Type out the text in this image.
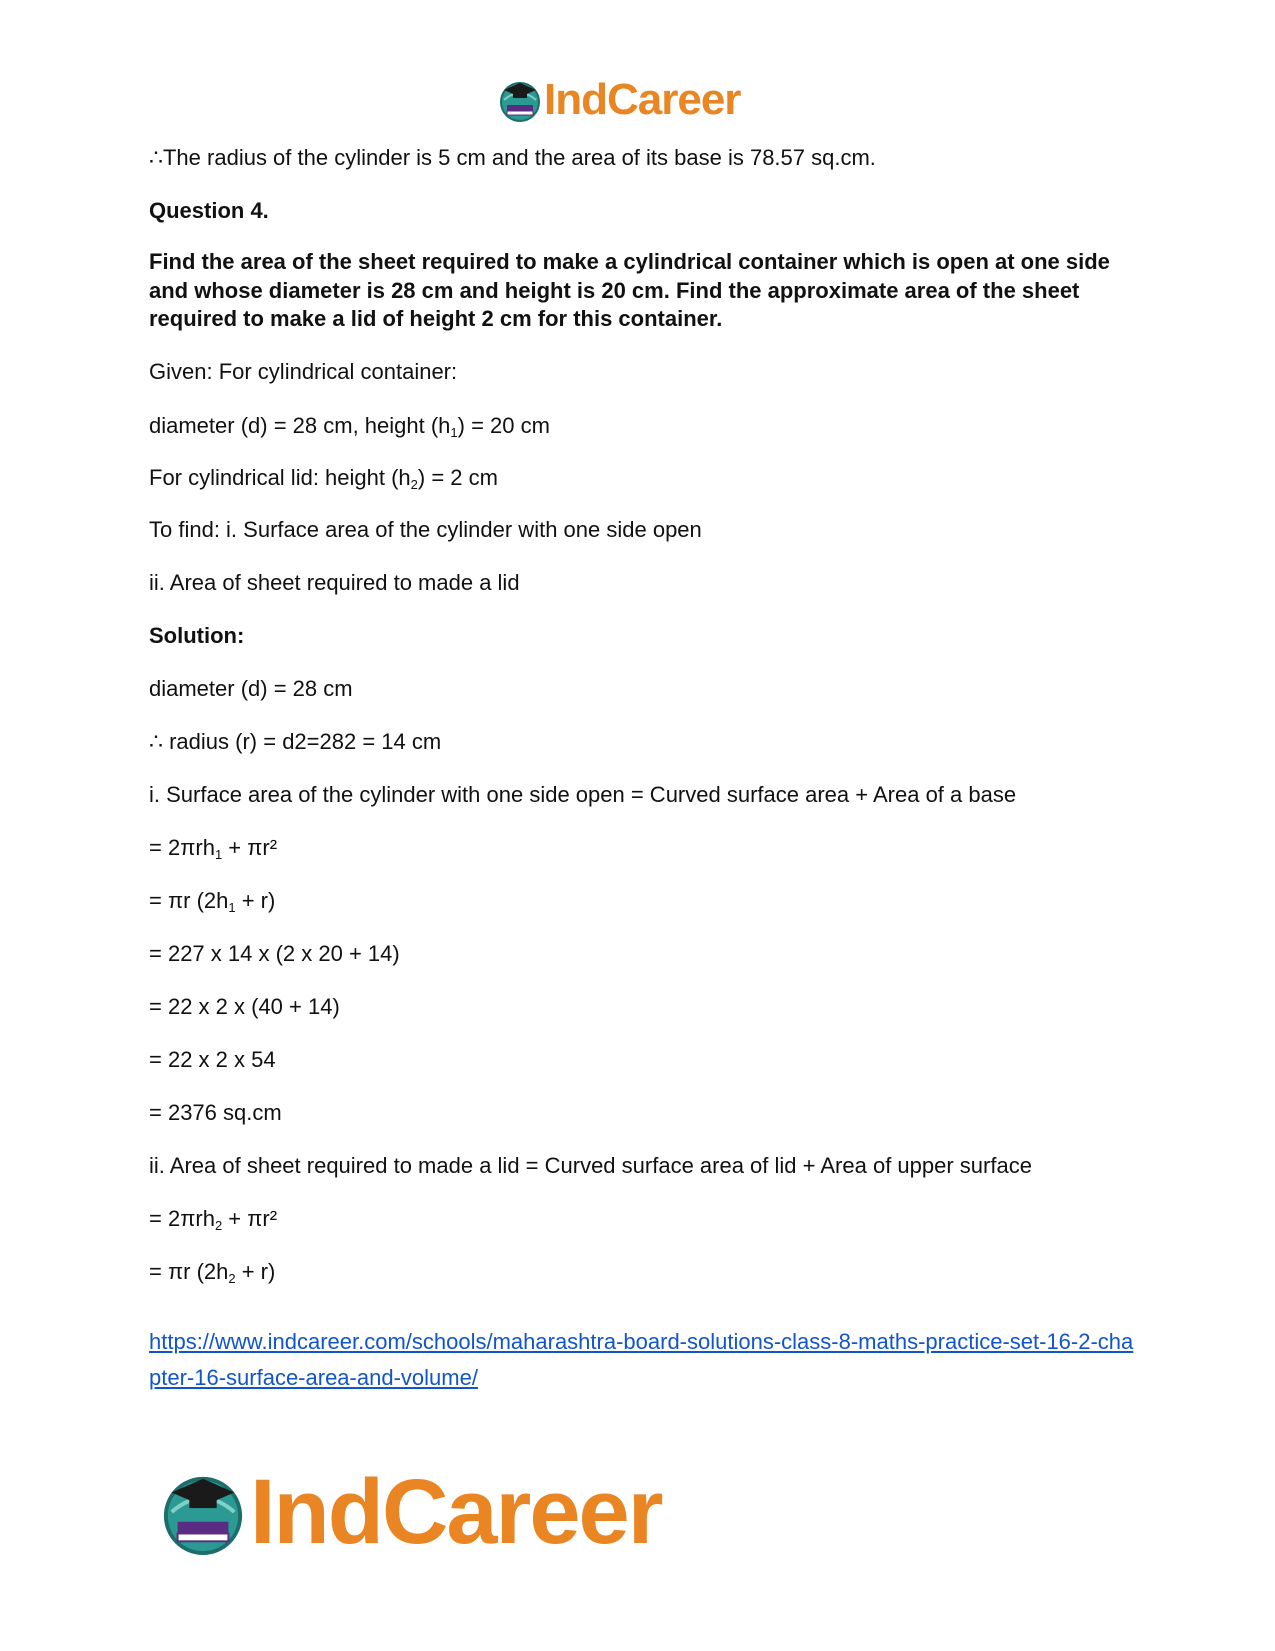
IndCareer

∴The radius of the cylinder is 5 cm and the area of its base is 78.57 sq.cm.

Question 4.

Find the area of the sheet required to make a cylindrical container which is open at one side and whose diameter is 28 cm and height is 20 cm. Find the approximate area of the sheet required to make a lid of height 2 cm for this container.

Given: For cylindrical container:

diameter (d) = 28 cm, height $(h_1) = 20$ cm

For cylindrical lid: height $(h_2) = 2$ cm

To find: i. Surface area of the cylinder with one side open

ii. Area of sheet required to made a lid

Solution:

diameter (d) = 28 cm

∴ radius (r) = d2=282 = 14 cm

i. Surface area of the cylinder with one side open = Curved surface area + Area of a base

= 2πrh$_1$ + πr²

= πr $(2h_1 + r)$

= 227 x 14 x (2 x 20 + 14)

= 22 x 2 x (40 + 14)

= 22 x 2 x 54

= 2376 sq.cm

ii. Area of sheet required to made a lid = Curved surface area of lid + Area of upper surface

= 2πrh$_2$ + πr²

= πr $(2h_2 + r)$

https://www.indcareer.com/schools/maharashtra-board-solutions-class-8-maths-practice-set-16-2-chapter-16-surface-area-and-volume/
IndCareer
